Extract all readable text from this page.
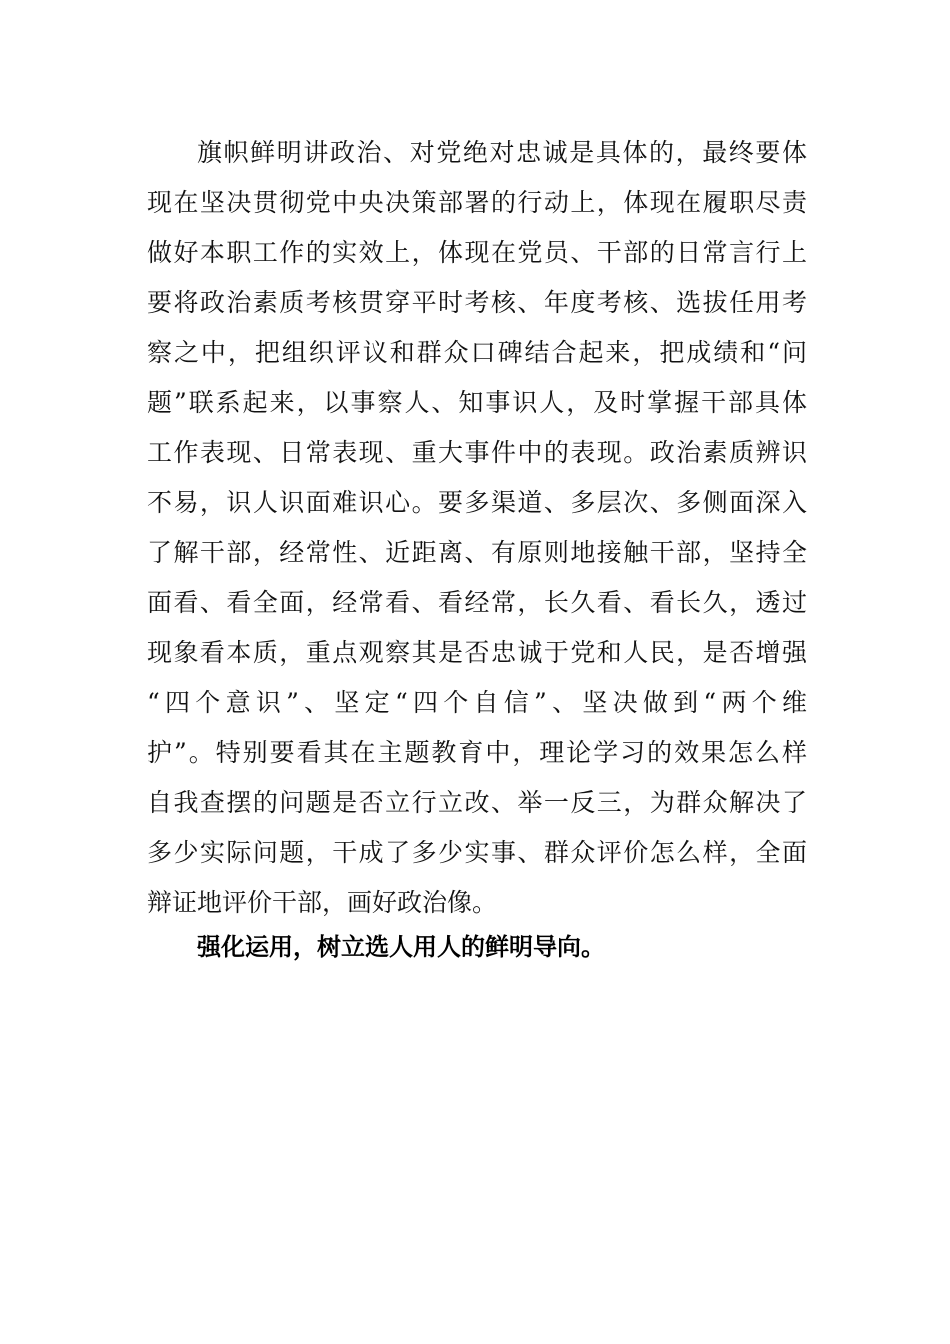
旗帜鲜明讲政治、对党绝对忠诚是具体的，最终要体
现在坚决贯彻党中央决策部署的行动上，体现在履职尽责
做好本职工作的实效上，体现在党员、干部的日常言行上
要将政治素质考核贯穿平时考核、年度考核、选拔任用考
察之中，把组织评议和群众口碑结合起来，把成绩和“问
题”联系起来，以事察人、知事识人，及时掌握干部具体
工作表现、日常表现、重大事件中的表现。政治素质辨识
不易，识人识面难识心。要多渠道、多层次、多侧面深入
了解干部，经常性、近距离、有原则地接触干部，坚持全
面看、看全面，经常看、看经常，长久看、看长久，透过
现象看本质，重点观察其是否忠诚于党和人民，是否增强
“四个意识”、坚定“四个自信”、坚决做到“两个维
护”。特别要看其在主题教育中，理论学习的效果怎么样
自我查摆的问题是否立行立改、举一反三，为群众解决了
多少实际问题，干成了多少实事、群众评价怎么样，全面
辩证地评价干部，画好政治像。
强化运用，树立选人用人的鲜明导向。
